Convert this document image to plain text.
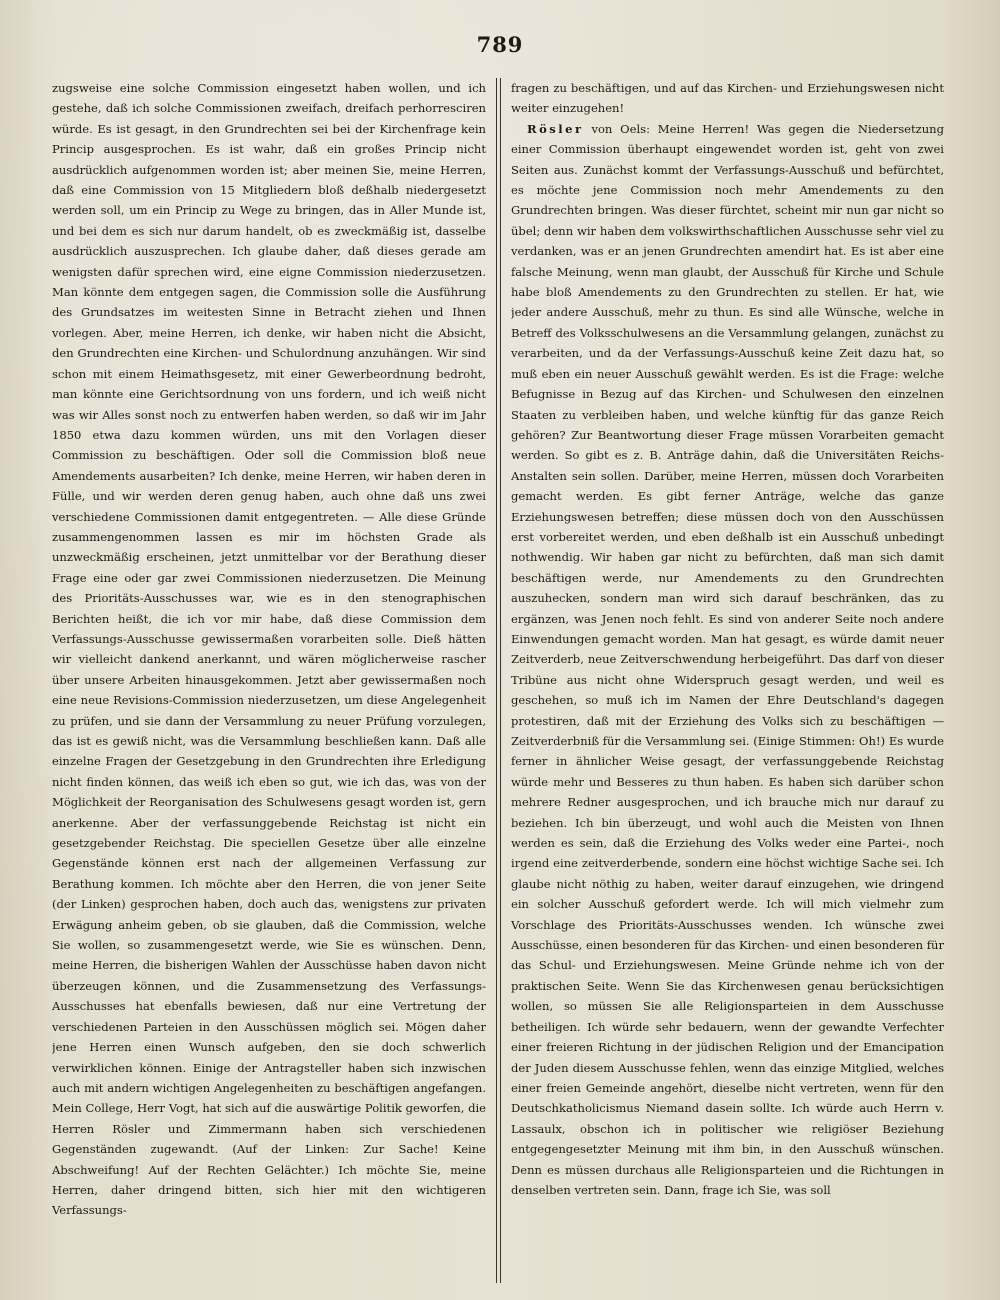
789

zugsweise eine solche Commission eingesetzt haben wollen, und ich gestehe, daß ich solche Commissionen zweifach, dreifach perhorresciren würde. Es ist gesagt, in den Grundrechten sei bei der Kirchenfrage kein Princip ausgesprochen. Es ist wahr, daß ein großes Princip nicht ausdrücklich aufgenommen worden ist; aber meinen Sie, meine Herren, daß eine Commission von 15 Mitgliedern bloß deßhalb niedergesetzt werden soll, um ein Princip zu Wege zu bringen, das in Aller Munde ist, und bei dem es sich nur darum handelt, ob es zweckmäßig ist, dasselbe ausdrücklich auszusprechen. Ich glaube daher, daß dieses gerade am wenigsten dafür sprechen wird, eine eigne Commission niederzusetzen. Man könnte dem entgegen sagen, die Commission solle die Ausführung des Grundsatzes im weitesten Sinne in Betracht ziehen und Ihnen vorlegen. Aber, meine Herren, ich denke, wir haben nicht die Absicht, den Grundrechten eine Kirchen- und Schulordnung anzuhängen. Wir sind schon mit einem Heimathsgesetz, mit einer Gewerbeordnung bedroht, man könnte eine Gerichtsordnung von uns fordern, und ich weiß nicht was wir Alles sonst noch zu entwerfen haben werden, so daß wir im Jahr 1850 etwa dazu kommen würden, uns mit den Vorlagen dieser Commission zu beschäftigen. Oder soll die Commission bloß neue Amendements ausarbeiten? Ich denke, meine Herren, wir haben deren in Fülle, und wir werden deren genug haben, auch ohne daß uns zwei verschiedene Commissionen damit entgegentreten. — Alle diese Gründe zusammengenommen lassen es mir im höchsten Grade als unzweckmäßig erscheinen, jetzt unmittelbar vor der Berathung dieser Frage eine oder gar zwei Commissionen niederzusetzen. Die Meinung des Prioritäts-Ausschusses war, wie es in den stenographischen Berichten heißt, die ich vor mir habe, daß diese Commission dem Verfassungs-Ausschusse gewissermaßen vorarbeiten solle. Dieß hätten wir vielleicht dankend anerkannt, und wären möglicherweise rascher über unsere Arbeiten hinausgekommen. Jetzt aber gewissermaßen noch eine neue Revisions-Commission niederzusetzen, um diese Angelegenheit zu prüfen, und sie dann der Versammlung zu neuer Prüfung vorzulegen, das ist es gewiß nicht, was die Versammlung beschließen kann. Daß alle einzelne Fragen der Gesetzgebung in den Grundrechten ihre Erledigung nicht finden können, das weiß ich eben so gut, wie ich das, was von der Möglichkeit der Reorganisation des Schulwesens gesagt worden ist, gern anerkenne. Aber der verfassunggebende Reichstag ist nicht ein gesetzgebender Reichstag. Die speciellen Gesetze über alle einzelne Gegenstände können erst nach der allgemeinen Verfassung zur Berathung kommen. Ich möchte aber den Herren, die von jener Seite (der Linken) gesprochen haben, doch auch das, wenigstens zur privaten Erwägung anheim geben, ob sie glauben, daß die Commission, welche Sie wollen, so zusammengesetzt werde, wie Sie es wünschen. Denn, meine Herren, die bisherigen Wahlen der Ausschüsse haben davon nicht überzeugen können, und die Zusammensetzung des Verfassungs-Ausschusses hat ebenfalls bewiesen, daß nur eine Vertretung der verschiedenen Parteien in den Ausschüssen möglich sei. Mögen daher jene Herren einen Wunsch aufgeben, den sie doch schwerlich verwirklichen können. Einige der Antragsteller haben sich inzwischen auch mit andern wichtigen Angelegenheiten zu beschäftigen angefangen. Mein College, Herr Vogt, hat sich auf die auswärtige Politik geworfen, die Herren Rösler und Zimmermann haben sich verschiedenen Gegenständen zugewandt. (Auf der Linken: Zur Sache! Keine Abschweifung! Auf der Rechten Gelächter.) Ich möchte Sie, meine Herren, daher dringend bitten, sich hier mit den wichtigeren Verfassungs-

fragen zu beschäftigen, und auf das Kirchen- und Erziehungswesen nicht weiter einzugehen!

Rösler von Oels: Meine Herren! Was gegen die Niedersetzung einer Commission überhaupt eingewendet worden ist, geht von zwei Seiten aus. Zunächst kommt der Verfassungs-Ausschuß und befürchtet, es möchte jene Commission noch mehr Amendements zu den Grundrechten bringen. Was dieser fürchtet, scheint mir nun gar nicht so übel; denn wir haben dem volkswirthschaftlichen Ausschusse sehr viel zu verdanken, was er an jenen Grundrechten amendirt hat. Es ist aber eine falsche Meinung, wenn man glaubt, der Ausschuß für Kirche und Schule habe bloß Amendements zu den Grundrechten zu stellen. Er hat, wie jeder andere Ausschuß, mehr zu thun. Es sind alle Wünsche, welche in Betreff des Volksschulwesens an die Versammlung gelangen, zunächst zu verarbeiten, und da der Verfassungs-Ausschuß keine Zeit dazu hat, so muß eben ein neuer Ausschuß gewählt werden. Es ist die Frage: welche Befugnisse in Bezug auf das Kirchen- und Schulwesen den einzelnen Staaten zu verbleiben haben, und welche künftig für das ganze Reich gehören? Zur Beantwortung dieser Frage müssen Vorarbeiten gemacht werden. So gibt es z. B. Anträge dahin, daß die Universitäten Reichs-Anstalten sein sollen. Darüber, meine Herren, müssen doch Vorarbeiten gemacht werden. Es gibt ferner Anträge, welche das ganze Erziehungswesen betreffen; diese müssen doch von den Ausschüssen erst vorbereitet werden, und eben deßhalb ist ein Ausschuß unbedingt nothwendig. Wir haben gar nicht zu befürchten, daß man sich damit beschäftigen werde, nur Amendements zu den Grundrechten auszuhecken, sondern man wird sich darauf beschränken, das zu ergänzen, was Jenen noch fehlt. Es sind von anderer Seite noch andere Einwendungen gemacht worden. Man hat gesagt, es würde damit neuer Zeitverderb, neue Zeitverschwendung herbeigeführt. Das darf von dieser Tribüne aus nicht ohne Widerspruch gesagt werden, und weil es geschehen, so muß ich im Namen der Ehre Deutschland's dagegen protestiren, daß mit der Erziehung des Volks sich zu beschäftigen — Zeitverderbniß für die Versammlung sei. (Einige Stimmen: Oh!) Es wurde ferner in ähnlicher Weise gesagt, der verfassunggebende Reichstag würde mehr und Besseres zu thun haben. Es haben sich darüber schon mehrere Redner ausgesprochen, und ich brauche mich nur darauf zu beziehen. Ich bin überzeugt, und wohl auch die Meisten von Ihnen werden es sein, daß die Erziehung des Volks weder eine Partei-, noch irgend eine zeitverderbende, sondern eine höchst wichtige Sache sei. Ich glaube nicht nöthig zu haben, weiter darauf einzugehen, wie dringend ein solcher Ausschuß gefordert werde. Ich will mich vielmehr zum Vorschlage des Prioritäts-Ausschusses wenden. Ich wünsche zwei Ausschüsse, einen besonderen für das Kirchen- und einen besonderen für das Schul- und Erziehungswesen. Meine Gründe nehme ich von der praktischen Seite. Wenn Sie das Kirchenwesen genau berücksichtigen wollen, so müssen Sie alle Religionsparteien in dem Ausschusse betheiligen. Ich würde sehr bedauern, wenn der gewandte Verfechter einer freieren Richtung in der jüdischen Religion und der Emancipation der Juden diesem Ausschusse fehlen, wenn das einzige Mitglied, welches einer freien Gemeinde angehört, dieselbe nicht vertreten, wenn für den Deutschkatholicismus Niemand dasein sollte. Ich würde auch Herrn v. Lassaulx, obschon ich in politischer wie religiöser Beziehung entgegengesetzter Meinung mit ihm bin, in den Ausschuß wünschen. Denn es müssen durchaus alle Religionsparteien und die Richtungen in denselben vertreten sein. Dann, frage ich Sie, was soll
